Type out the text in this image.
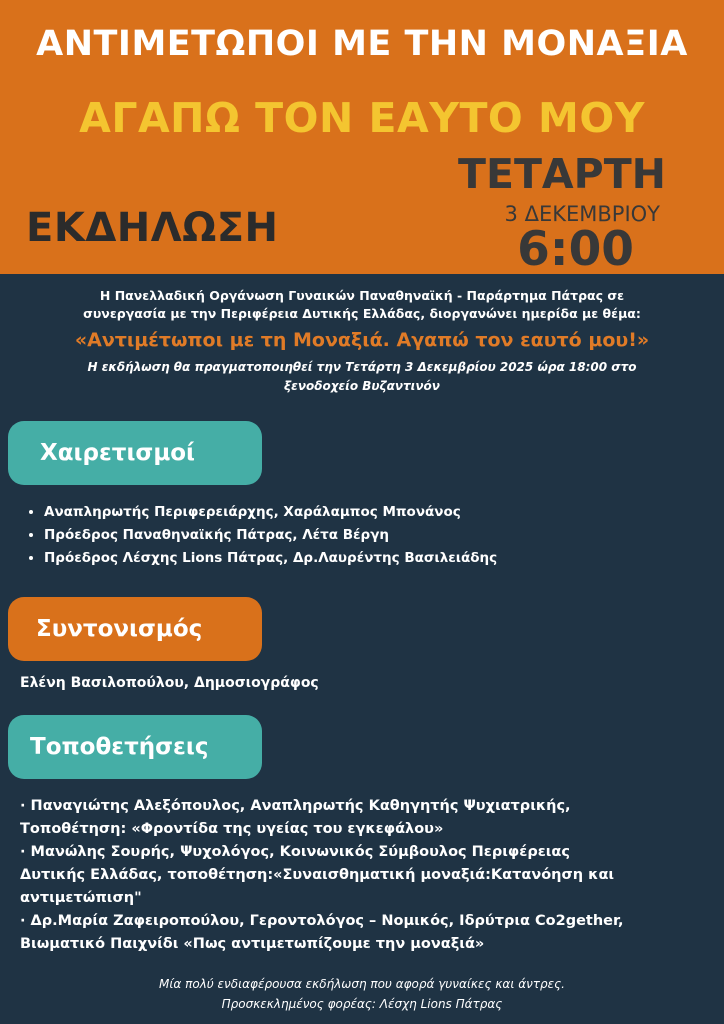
ΑΝΤΙΜΕΤΩΠΟΙ ΜΕ ΤΗΝ ΜΟΝΑΞΙΑ
ΑΓΑΠΩ ΤΟΝ ΕΑΥΤΟ ΜΟΥ
ΕΚΔΗΛΩΣΗ
ΤΕΤΑΡΤΗ
3 ΔΕΚΕΜΒΡΙΟΥ
6:00
Η Πανελλαδική Οργάνωση Γυναικών Παναθηναϊκή - Παράρτημα Πάτρας σε
συνεργασία με την Περιφέρεια Δυτικής Ελλάδας, διοργανώνει ημερίδα με θέμα:
«Αντιμέτωποι με τη Μοναξιά. Αγαπώ τον εαυτό μου!»
Η εκδήλωση θα πραγματοποιηθεί την Τετάρτη 3 Δεκεμβρίου 2025 ώρα 18:00 στο
ξενοδοχείο Βυζαντινόν
Χαιρετισμοί
• Αναπληρωτής Περιφερειάρχης, Χαράλαμπος Μπονάνος
• Πρόεδρος Παναθηναϊκής Πάτρας, Λέτα Βέργη
• Πρόεδρος Λέσχης Lions Πάτρας, Δρ.Λαυρέντης Βασιλειάδης
Συντονισμός
Ελένη Βασιλοπούλου, Δημοσιογράφος
Τοποθετήσεις
· Παναγιώτης Αλεξόπουλος, Αναπληρωτής Καθηγητής Ψυχιατρικής,
Τοποθέτηση: «Φροντίδα της υγείας του εγκεφάλου»
· Μανώλης Σουρής, Ψυχολόγος, Κοινωνικός Σύμβουλος Περιφέρειας
Δυτικής Ελλάδας, τοποθέτηση:«Συναισθηματική μοναξιά:Κατανόηση και
αντιμετώπιση"
· Δρ.Μαρία Ζαφειροπούλου, Γεροντολόγος – Νομικός, Ιδρύτρια Co2gether,
Βιωματικό Παιχνίδι «Πως αντιμετωπίζουμε την μοναξιά»
Μία πολύ ενδιαφέρουσα εκδήλωση που αφορά γυναίκες και άντρες.
Προσκεκλημένος φορέας: Λέσχη Lions Πάτρας
